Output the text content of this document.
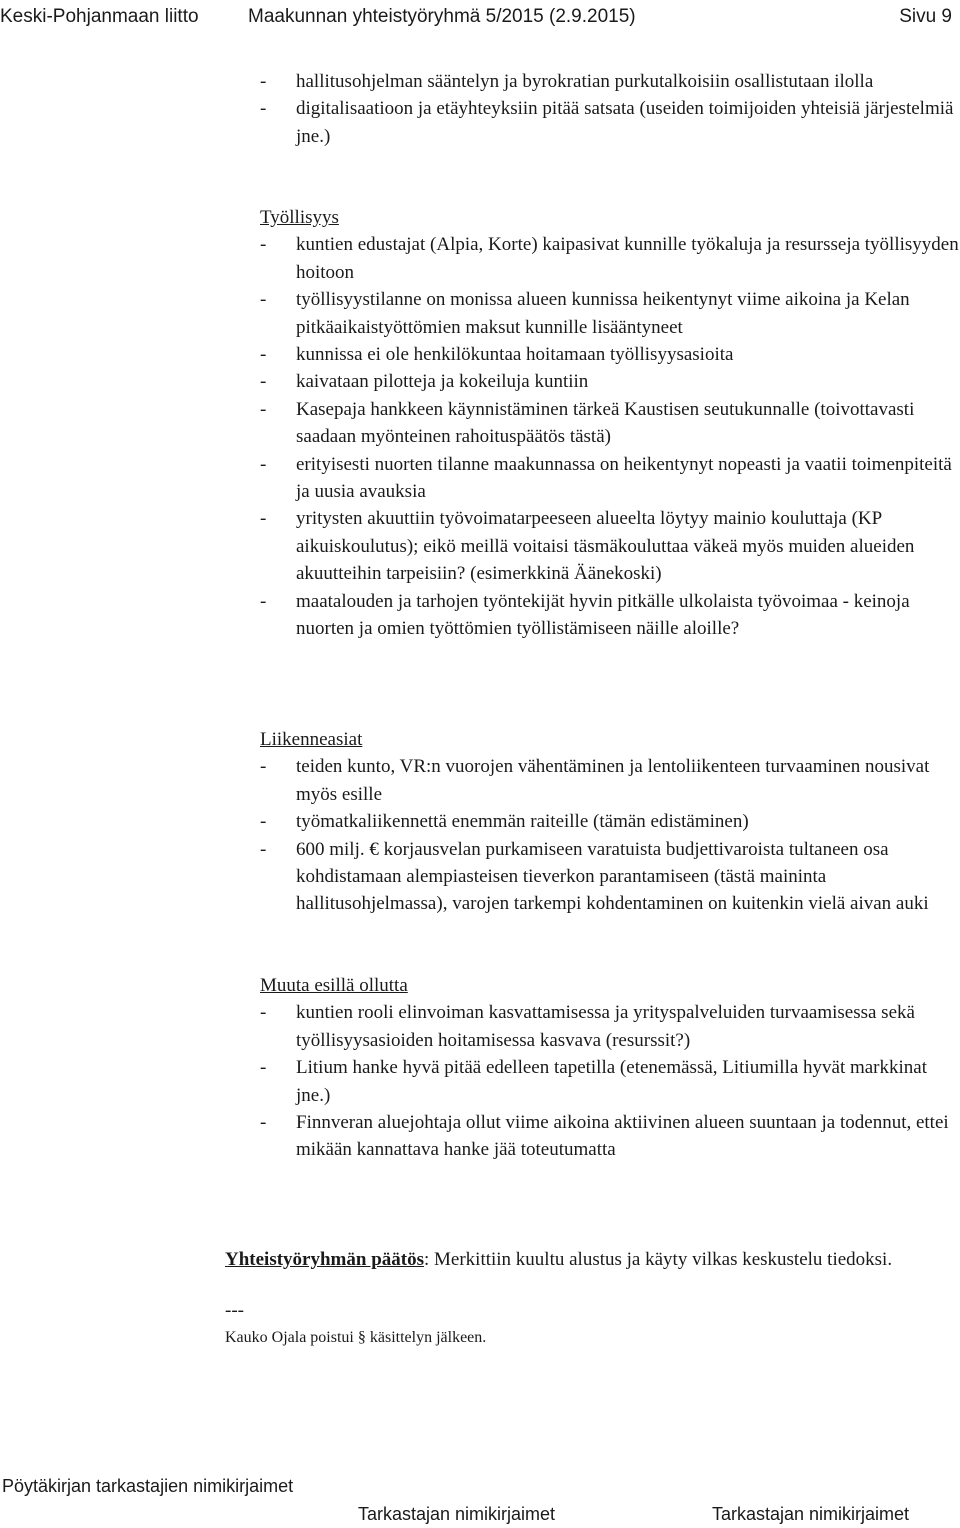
Keski-Pohjanmaan liitto	Maakunnan yhteistyöryhmä 5/2015 (2.9.2015)	Sivu 9
-	hallitusohjelman sääntelyn ja byrokratian purkutalkoisiin osallistutaan ilolla
-	digitalisaatioon ja etäyhteyksiin pitää satsata (useiden toimijoiden yhteisiä järjestelmiä jne.)
Työllisyys
-	kuntien edustajat (Alpia, Korte) kaipasivat kunnille työkaluja ja resursseja työllisyyden hoitoon
-	työllisyystilanne on monissa alueen kunnissa heikentynyt viime aikoina ja Kelan pitkäaikaistyöttömien maksut kunnille lisääntyneet
-	kunnissa ei ole henkilökuntaa hoitamaan työllisyysasioita
-	kaivataan pilotteja ja kokeiluja kuntiin
-	Kasepaja hankkeen käynnistäminen tärkeä Kaustisen seutukunnalle (toivottavasti saadaan myönteinen rahoituspäätös tästä)
-	erityisesti nuorten tilanne maakunnassa on heikentynyt nopeasti ja vaatii toimenpiteitä ja uusia avauksia
-	yritysten akuuttiin työvoimatarpeeseen alueelta löytyy mainio kouluttaja (KP aikuiskoulutus); eikö meillä voitaisi täsmäkouluttaa väkeä myös muiden alueiden akuutteihin tarpeisiin? (esimerkkinä Äänekoski)
-	maatalouden ja tarhojen työntekijät hyvin pitkälle ulkolaista työvoimaa - keinoja nuorten ja omien työttömien työllistämiseen näille aloille?
Liikenneasiat
-	teiden kunto, VR:n vuorojen vähentäminen ja lentoliikenteen turvaaminen nousivat myös esille
-	työmatkaliikennettä enemmän raiteille (tämän edistäminen)
-	600 milj. € korjausvelan purkamiseen varatuista budjettivaroista tultaneen osa kohdistamaan alempiasteisen tieverkon parantamiseen (tästä maininta hallitusohjelmassa), varojen tarkempi kohdentaminen on kuitenkin vielä aivan auki
Muuta esillä ollutta
-	kuntien rooli elinvoiman kasvattamisessa ja yrityspalveluiden turvaamisessa sekä työllisyysasioiden hoitamisessa kasvava (resurssit?)
-	Litium hanke hyvä pitää edelleen tapetilla (etenemässä, Litiumilla hyvät markkinat jne.)
-	Finnveran aluejohtaja ollut viime aikoina aktiivinen alueen suuntaan ja todennut, ettei mikään kannattava hanke jää toteutumatta
Yhteistyöryhmän päätös: Merkittiin kuultu alustus ja käyty vilkas keskustelu tiedoksi.
---
Kauko Ojala poistui § käsittelyn jälkeen.
Pöytäkirjan tarkastajien nimikirjaimet
Tarkastajan nimikirjaimet	Tarkastajan nimikirjaimet
